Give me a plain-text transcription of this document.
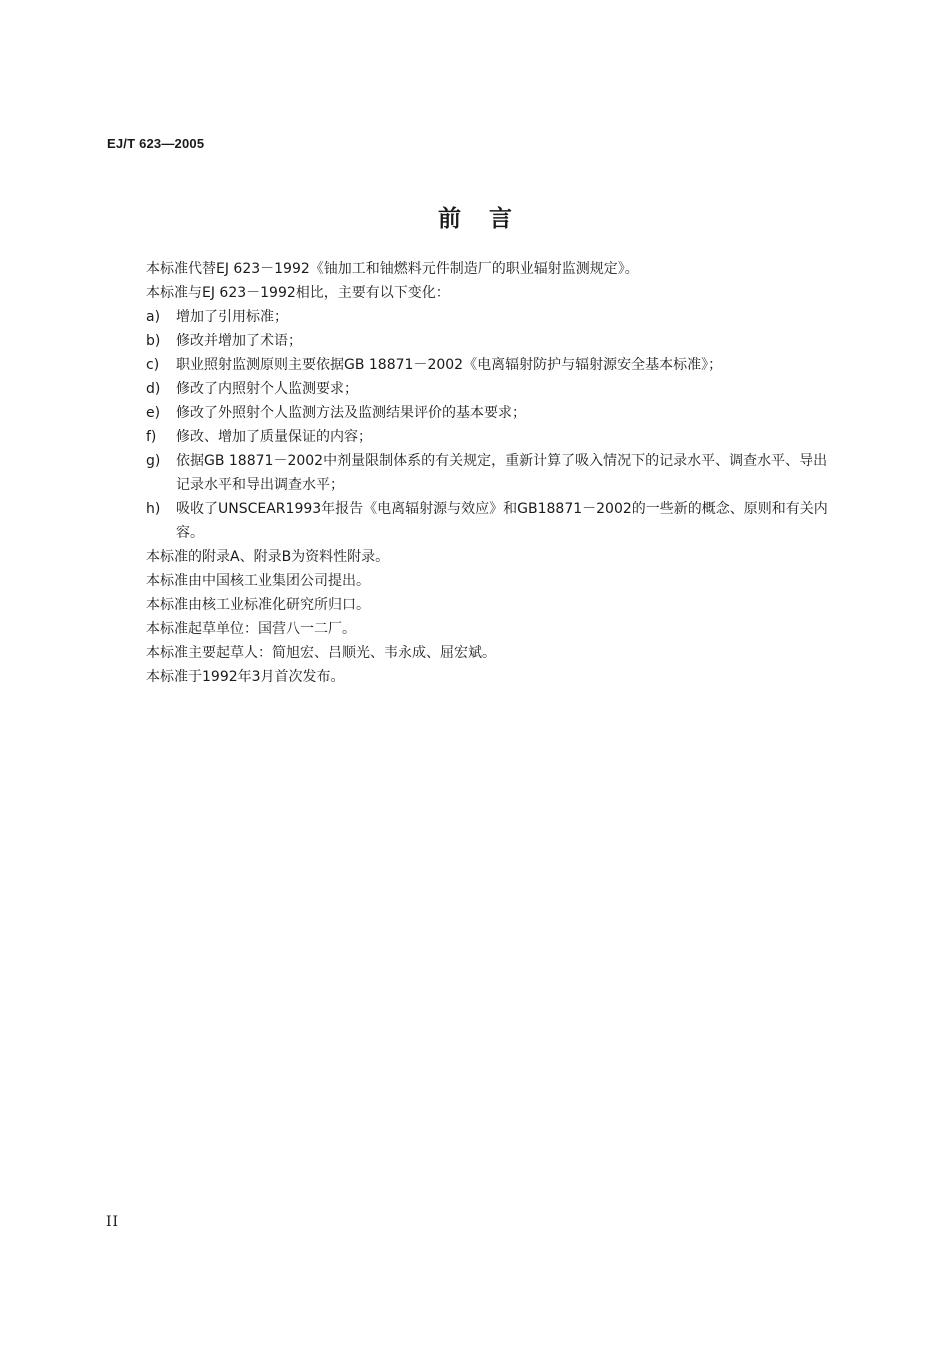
EJ/T 623—2005
前言

本标准代替EJ 623－1992《铀加工和铀燃料元件制造厂的职业辐射监测规定》。

本标准与EJ 623－1992相比，主要有以下变化：

a)	增加了引用标准；
b)	修改并增加了术语；
c)	职业照射监测原则主要依据GB 18871－2002《电离辐射防护与辐射源安全基本标准》；
d)	修改了内照射个人监测要求；
e)	修改了外照射个人监测方法及监测结果评价的基本要求；
f)	修改、增加了质量保证的内容；
g)	依据GB 18871－2002中剂量限制体系的有关规定，重新计算了吸入情况下的记录水平、调查水平、导出记录水平和导出调查水平；
h)	吸收了UNSCEAR1993年报告《电离辐射源与效应》和GB18871－2002的一些新的概念、原则和有关内容。

本标准的附录A、附录B为资料性附录。

本标准由中国核工业集团公司提出。

本标准由核工业标准化研究所归口。

本标准起草单位：国营八一二厂。

本标准主要起草人：简旭宏、吕顺光、韦永成、屈宏斌。

本标准于1992年3月首次发布。

II
